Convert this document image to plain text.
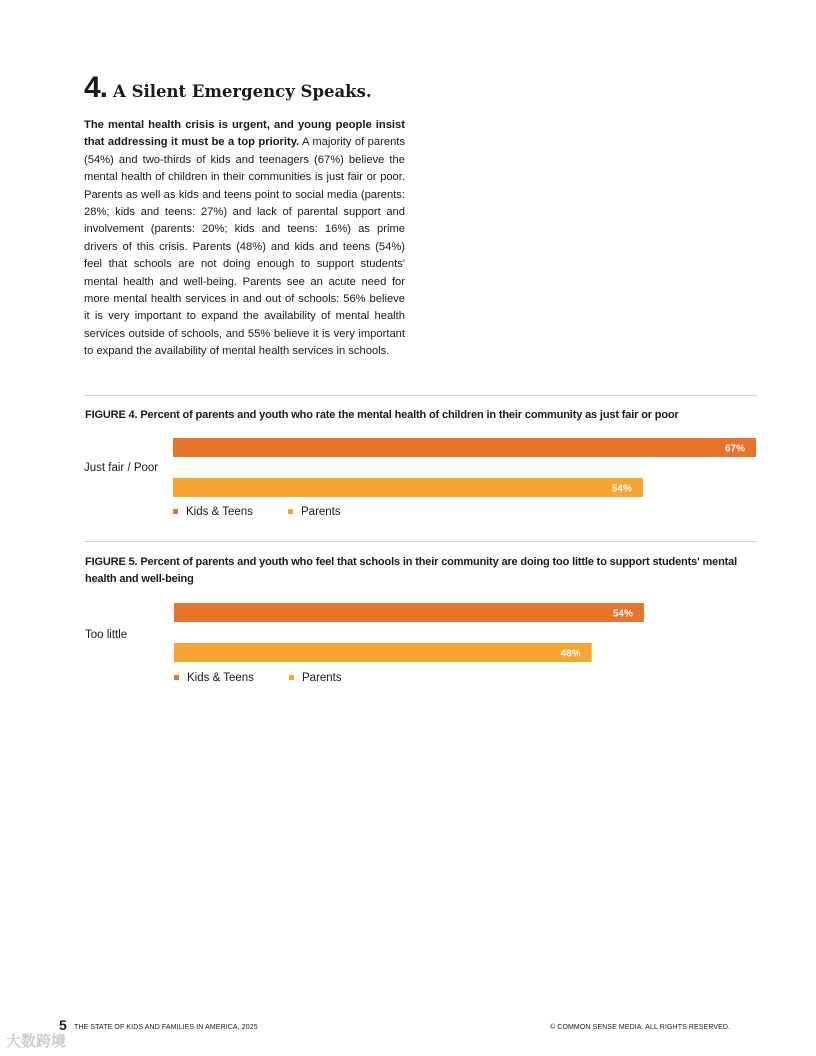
4. A Silent Emergency Speaks.

The mental health crisis is urgent, and young people insist that addressing it must be a top priority. A majority of parents (54%) and two-thirds of kids and teenagers (67%) believe the mental health of children in their communities is just fair or poor. Parents as well as kids and teens point to social media (parents: 28%; kids and teens: 27%) and lack of parental support and involvement (parents: 20%; kids and teens: 16%) as prime drivers of this crisis. Parents (48%) and kids and teens (54%) feel that schools are not doing enough to support students' mental health and well-being. Parents see an acute need for more mental health services in and out of schools: 56% believe it is very important to expand the availability of mental health services outside of schools, and 55% believe it is very important to expand the availability of mental health services in schools.

FIGURE 4. Percent of parents and youth who rate the mental health of children in their community as just fair or poor

Just fair / Poor
67%
54%
Kids & Teens	Parents

FIGURE 5. Percent of parents and youth who feel that schools in their community are doing too little to support students' mental health and well-being

Too little
54%
48%
Kids & Teens	Parents
5 THE STATE OF KIDS AND FAMILIES IN AMERICA, 2025	© COMMON SENSE MEDIA. ALL RIGHTS RESERVED.
大数跨境
